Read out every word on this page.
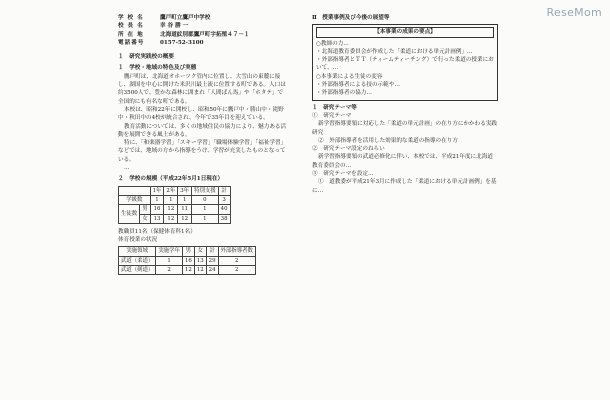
ReseMom
学 校 名	鷹戸町立鷹戸中学校
校 長 名	幸 谷 勝 一
所 在 地	北海道紋別郡鷹戸町字拓殖４７－１
電話番号	0157-52-3100
１　研究実践校の概要
１　学校・地域の特色及び実態

鷹戸町は、北海道オホーツク管内に位置し、大雪山の東麓に接し、湖国を中心に開けた米沢川最上流に位置する町である。人口は約3500人で、豊かな森林に囲まれ「人間ばん馬」や「ホタテ」で全国的にも有名な町である。

本校は、昭和22年に開校し、昭和50年に鷹戸中・勝山中・滝野中・秋田中の4校が統合され、今年で35年目を迎えている。

教育活動については、多くの地域住民の協力により、魅力ある活動を展開できる風土がある。

特に、「和楽器学習」「スキー学習」「職場体験学習」「福祉学習」などでは、地域の方から指導をうけ、学習が充実したものとなっている。

…

２　学校の規模（平成22年5月1日現在）
		1年	2年	3年	特別支援	計
学級数		1	1	1	0	3
生徒数	男	16	12	11	1	40
	女	13	12	12	1	38
教職員11名（保健体育科1名）
体育授業の状況
実施領域	実施学年	男	女	計	外部指導者数
武道（柔道）	1	16	13	29	2
武道（剣道）	2	12	12	24	2
Ⅱ　授業事例及び今後の展望等
【本事業の成果の要点】
○教師の力…
・北海道教育委員会が作成した「柔道における単元計画例」…
・外部指導者とＴＴ（ティームティーチング）で行った柔道の授業において、…
○本事業による生徒の変容
・外部指導者による技の示範や…
・外部指導者の協力…
１　研究テーマ等
①　研究テーマ

新学習指導要領に対応した「柔道の単元計画」の在り方にかかわる実践研究

②　外部指導者を活用した効果的な柔道の指導の在り方

②　研究テーマ設定のねらい

新学習指導要領の武道必修化に伴い、本校では、平成21年度に北海道教育委員会の…

③　研究テーマを設定…

①　道教委が平成21年3月に作成した「柔道における単元計画例」を基に…
